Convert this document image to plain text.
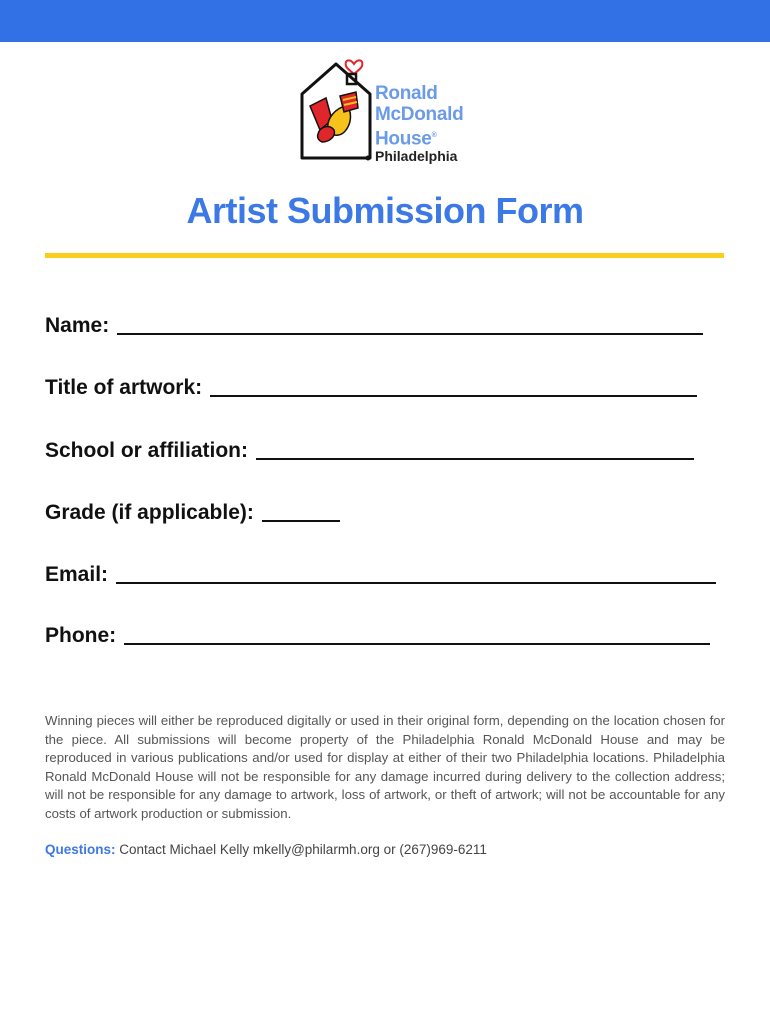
Ronald
McDonald
House®
Philadelphia
Artist Submission Form
Name:
Title of artwork:
School or affiliation:
Grade (if applicable):
Email:
Phone:

Winning pieces will either be reproduced digitally or used in their original form, depending on the location chosen for the piece. All submissions will become property of the Philadelphia Ronald McDonald House and may be reproduced in various publications and/or used for display at either of their two Philadelphia locations. Philadelphia Ronald McDonald House will not be responsible for any damage incurred during delivery to the collection address; will not be responsible for any damage to artwork, loss of artwork, or theft of artwork; will not be accountable for any costs of artwork production or submission.

Questions: Contact Michael Kelly mkelly@philarmh.org or (267)969-6211
